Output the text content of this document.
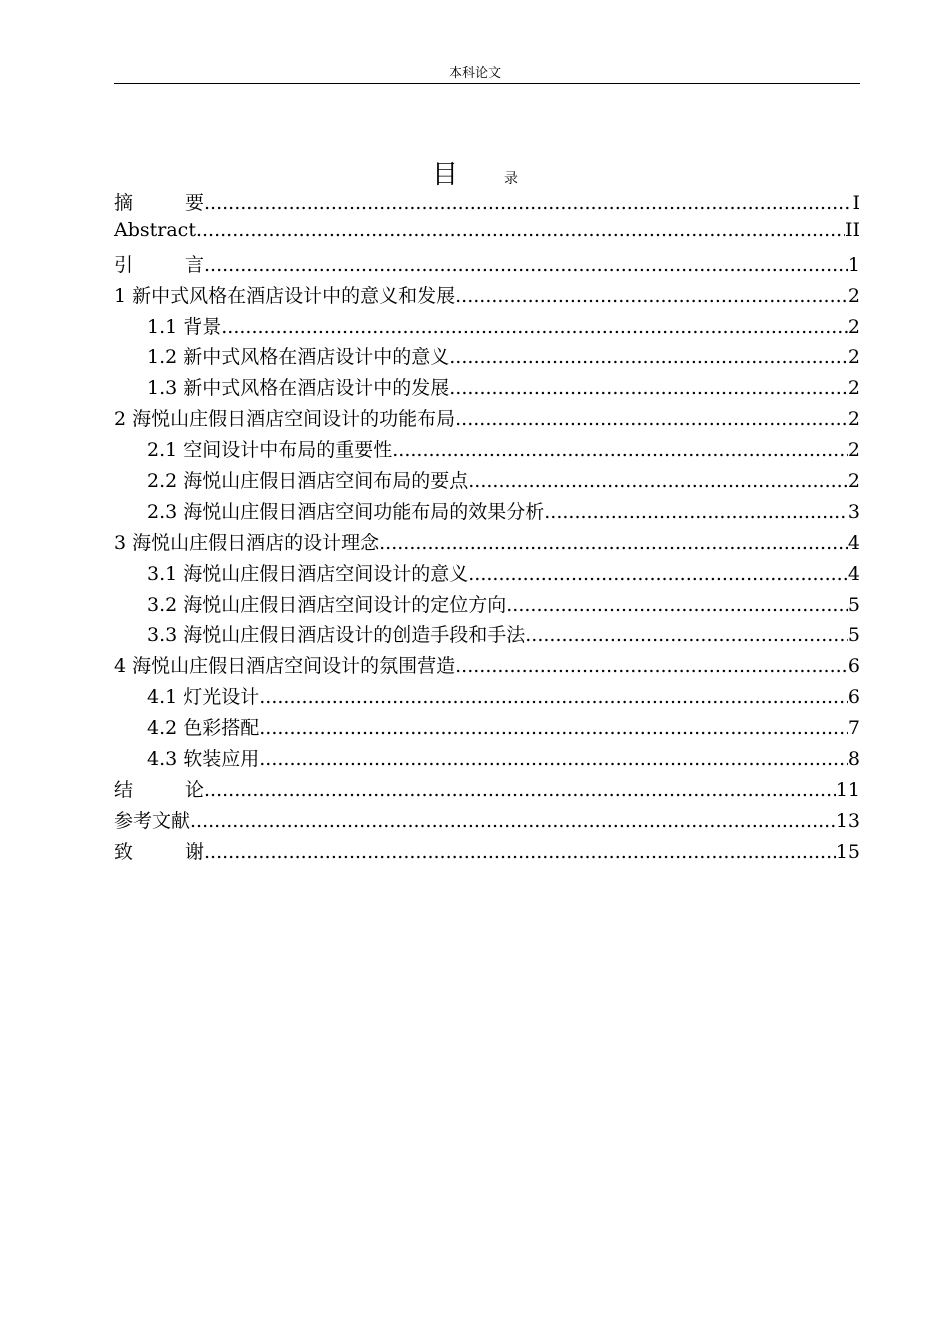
本科论文
目	录
摘要 .....	I
Abstract .....	II
引言 .....	1
1 新中式风格在酒店设计中的意义和发展 .....	2
1.1 背景 .....	2
1.2 新中式风格在酒店设计中的意义 .....	2
1.3 新中式风格在酒店设计中的发展 .....	2
2 海悦山庄假日酒店空间设计的功能布局 .....	2
2.1 空间设计中布局的重要性 .....	2
2.2 海悦山庄假日酒店空间布局的要点 .....	2
2.3 海悦山庄假日酒店空间功能布局的效果分析 .....	3
3 海悦山庄假日酒店的设计理念 .....	4
3.1 海悦山庄假日酒店空间设计的意义 .....	4
3.2 海悦山庄假日酒店空间设计的定位方向 .....	5
3.3 海悦山庄假日酒店设计的创造手段和手法 .....	5
4 海悦山庄假日酒店空间设计的氛围营造 .....	6
4.1 灯光设计 .....	6
4.2 色彩搭配 .....	7
4.3 软装应用 .....	8
结论 .....	11
参考文献 .....	13
致谢 .....	15
